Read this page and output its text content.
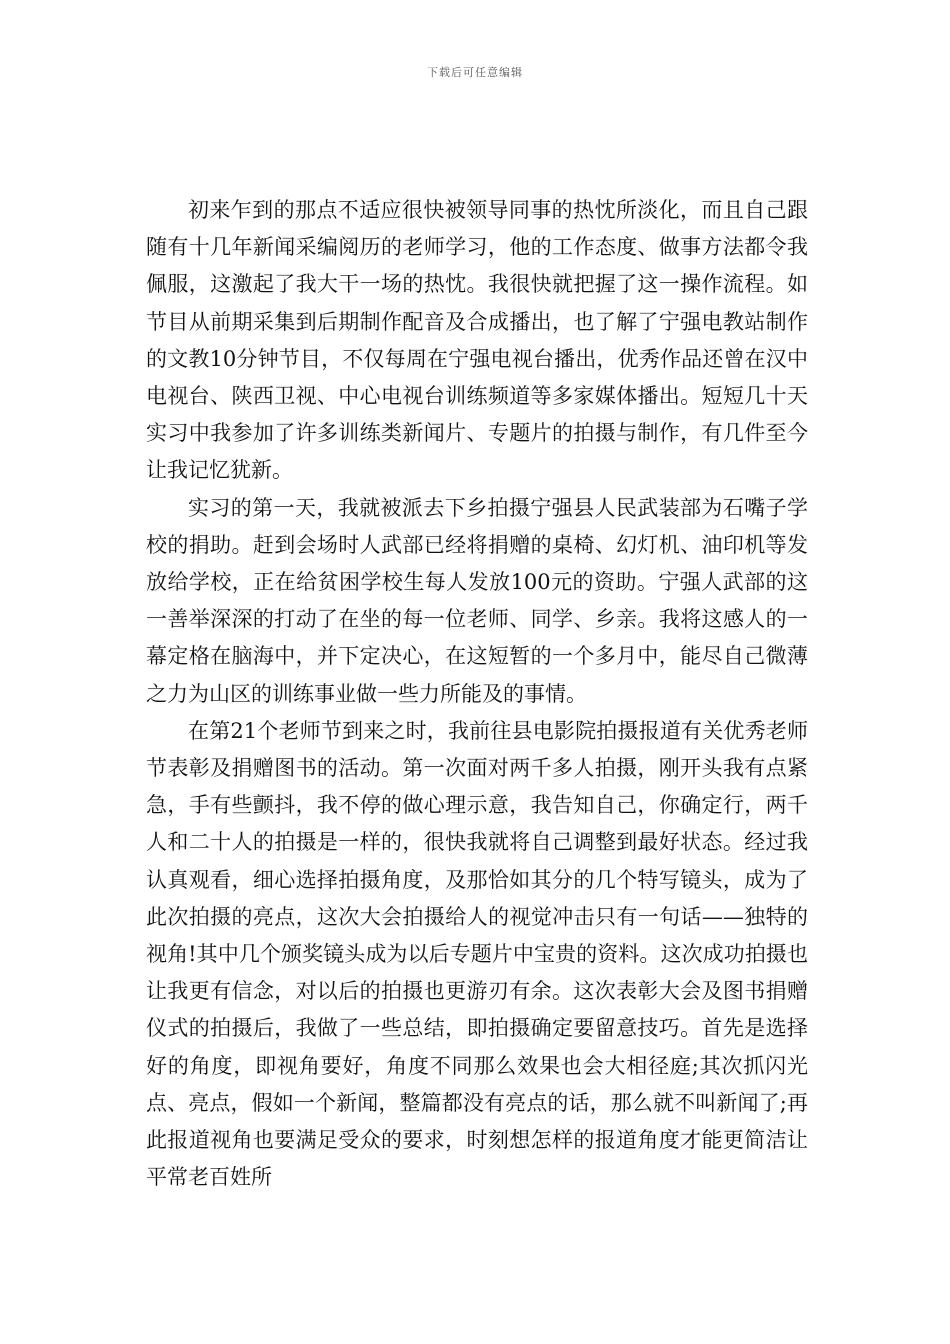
下载后可任意编辑

初来乍到的那点不适应很快被领导同事的热忱所淡化，而且自己跟随有十几年新闻采编阅历的老师学习，他的工作态度、做事方法都令我佩服，这激起了我大干一场的热忱。我很快就把握了这一操作流程。如节目从前期采集到后期制作配音及合成播出，也了解了宁强电教站制作的文教10分钟节目，不仅每周在宁强电视台播出，优秀作品还曾在汉中电视台、陕西卫视、中心电视台训练频道等多家媒体播出。短短几十天实习中我参加了许多训练类新闻片、专题片的拍摄与制作，有几件至今让我记忆犹新。

实习的第一天，我就被派去下乡拍摄宁强县人民武装部为石嘴子学校的捐助。赶到会场时人武部已经将捐赠的桌椅、幻灯机、油印机等发放给学校，正在给贫困学校生每人发放100元的资助。宁强人武部的这一善举深深的打动了在坐的每一位老师、同学、乡亲。我将这感人的一幕定格在脑海中，并下定决心，在这短暂的一个多月中，能尽自己微薄之力为山区的训练事业做一些力所能及的事情。

在第21个老师节到来之时，我前往县电影院拍摄报道有关优秀老师节表彰及捐赠图书的活动。第一次面对两千多人拍摄，刚开头我有点紧急，手有些颤抖，我不停的做心理示意，我告知自己，你确定行，两千人和二十人的拍摄是一样的，很快我就将自己调整到最好状态。经过我认真观看，细心选择拍摄角度，及那恰如其分的几个特写镜头，成为了此次拍摄的亮点，这次大会拍摄给人的视觉冲击只有一句话——独特的视角!其中几个颁奖镜头成为以后专题片中宝贵的资料。这次成功拍摄也让我更有信念，对以后的拍摄也更游刃有余。这次表彰大会及图书捐赠仪式的拍摄后，我做了一些总结，即拍摄确定要留意技巧。首先是选择好的角度，即视角要好，角度不同那么效果也会大相径庭;其次抓闪光点、亮点，假如一个新闻，整篇都没有亮点的话，那么就不叫新闻了;再此报道视角也要满足受众的要求，时刻想怎样的报道角度才能更简洁让平常老百姓所
